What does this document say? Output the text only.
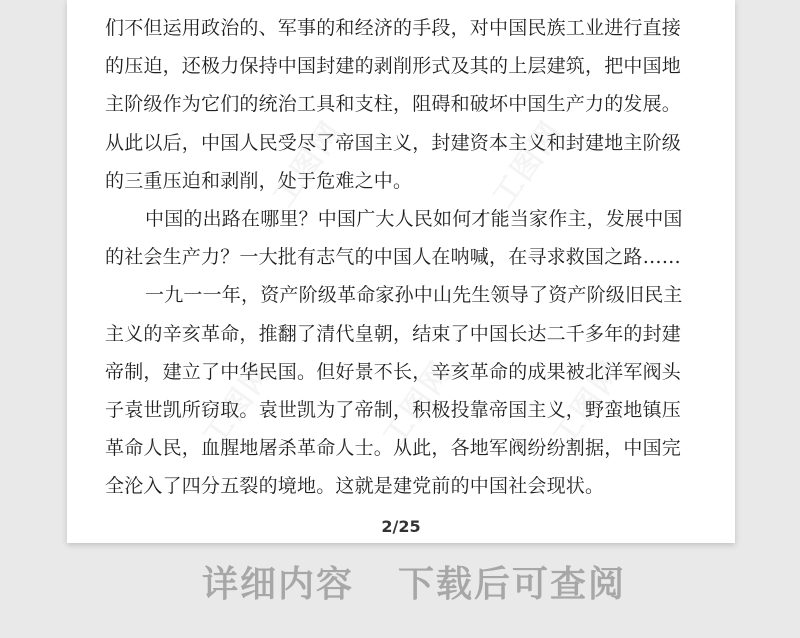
工图网	工图网
工图网	工图网	工图网
们不但运用政治的、军事的和经济的手段，对中国民族工业进行直接
的压迫，还极力保持中国封建的剥削形式及其的上层建筑，把中国地
主阶级作为它们的统治工具和支柱，阻碍和破坏中国生产力的发展。
从此以后，中国人民受尽了帝国主义，封建资本主义和封建地主阶级
的三重压迫和剥削，处于危难之中。
中国的出路在哪里？中国广大人民如何才能当家作主，发展中国
的社会生产力？一大批有志气的中国人在呐喊，在寻求救国之路……
一九一一年，资产阶级革命家孙中山先生领导了资产阶级旧民主
主义的辛亥革命，推翻了清代皇朝，结束了中国长达二千多年的封建
帝制，建立了中华民国。但好景不长，辛亥革命的成果被北洋军阀头
子袁世凯所窃取。袁世凯为了帝制，积极投靠帝国主义，野蛮地镇压
革命人民，血腥地屠杀革命人士。从此，各地军阀纷纷割据，中国完
全沦入了四分五裂的境地。这就是建党前的中国社会现状。
2/25
详细内容 下载后可查阅
